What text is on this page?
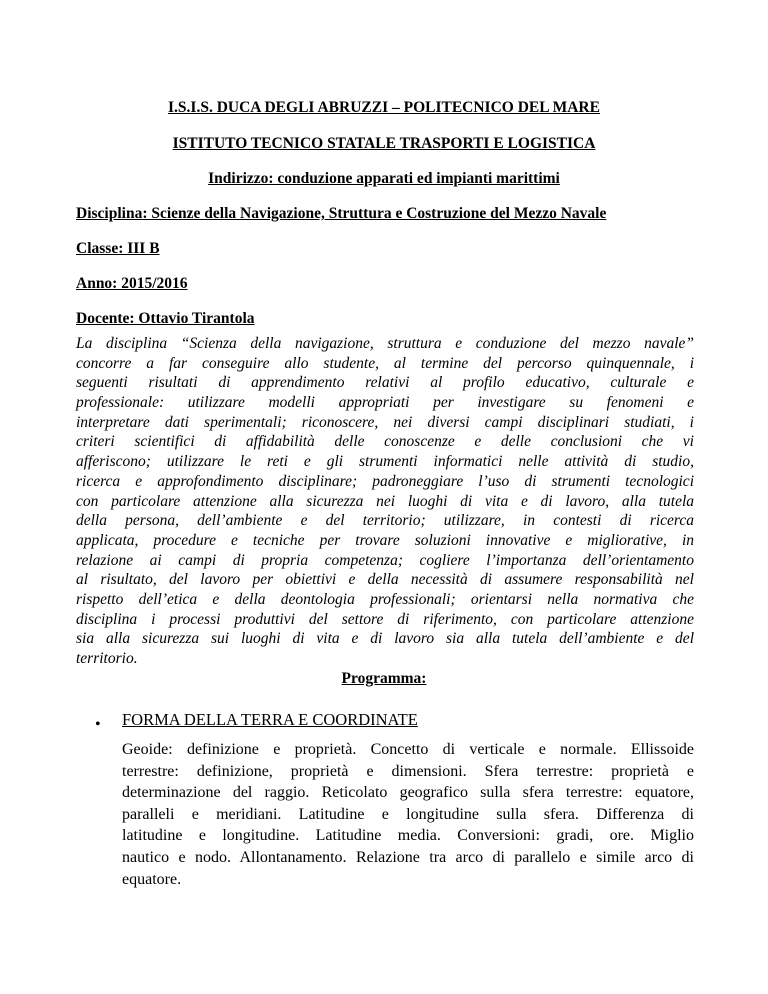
I.S.I.S. DUCA DEGLI ABRUZZI – POLITECNICO DEL MARE
ISTITUTO TECNICO STATALE TRASPORTI E LOGISTICA
Indirizzo: conduzione apparati ed impianti marittimi
Disciplina: Scienze della Navigazione, Struttura e Costruzione del Mezzo Navale
Classe: III B
Anno: 2015/2016
Docente: Ottavio Tirantola
La disciplina “Scienza della navigazione, struttura e conduzione del mezzo navale”
concorre a far conseguire allo studente, al termine del percorso quinquennale, i
seguenti risultati di apprendimento relativi al profilo educativo, culturale e
professionale: utilizzare modelli appropriati per investigare su fenomeni e
interpretare dati sperimentali; riconoscere, nei diversi campi disciplinari studiati, i
criteri scientifici di affidabilità delle conoscenze e delle conclusioni che vi
afferiscono; utilizzare le reti e gli strumenti informatici nelle attività di studio,
ricerca e approfondimento disciplinare; padroneggiare l’uso di strumenti tecnologici
con particolare attenzione alla sicurezza nei luoghi di vita e di lavoro, alla tutela
della persona, dell’ambiente e del territorio; utilizzare, in contesti di ricerca
applicata, procedure e tecniche per trovare soluzioni innovative e migliorative, in
relazione ai campi di propria competenza; cogliere l’importanza dell’orientamento
al risultato, del lavoro per obiettivi e della necessità di assumere responsabilità nel
rispetto dell’etica e della deontologia professionali; orientarsi nella normativa che
disciplina i processi produttivi del settore di riferimento, con particolare attenzione
sia alla sicurezza sui luoghi di vita e di lavoro sia alla tutela dell’ambiente e del
territorio.
Programma:
• FORMA DELLA TERRA E COORDINATE
Geoide: definizione e proprietà. Concetto di verticale e normale. Ellissoide
terrestre: definizione, proprietà e dimensioni. Sfera terrestre: proprietà e
determinazione del raggio. Reticolato geografico sulla sfera terrestre: equatore,
paralleli e meridiani. Latitudine e longitudine sulla sfera. Differenza di
latitudine e longitudine. Latitudine media. Conversioni: gradi, ore. Miglio
nautico e nodo. Allontanamento. Relazione tra arco di parallelo e simile arco di
equatore.
